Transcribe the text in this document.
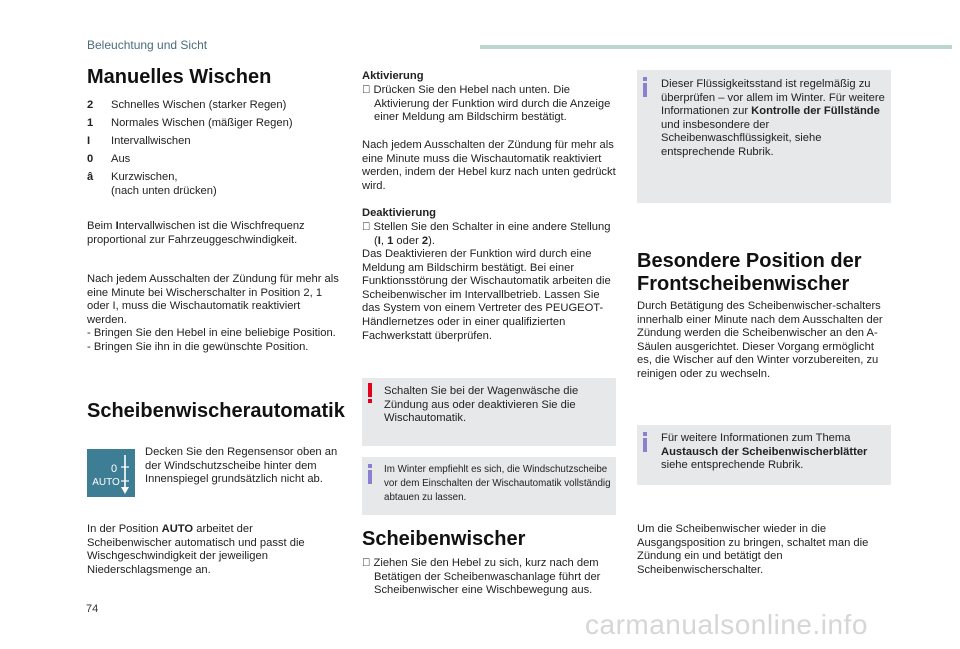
Beleuchtung und Sicht
Manuelles Wischen
2	Schnelles Wischen (starker Regen)
1	Normales Wischen (mäßiger Regen)
I	Intervallwischen
0	Aus
â	Kurzwischen,
(nach unten drücken)
Beim Intervallwischen ist die Wischfrequenz proportional zur Fahrzeuggeschwindigkeit.
Nach jedem Ausschalten der Zündung für mehr als eine Minute bei Wischerschalter in Position 2, 1 oder I, muss die Wischautomatik reaktiviert werden.
- Bringen Sie den Hebel in eine beliebige Position.
- Bringen Sie ihn in die gewünschte Position.
Scheibenwischerautomatik
0
AUTO
Decken Sie den Regensensor oben an der Windschutzscheibe hinter dem Innenspiegel grundsätzlich nicht ab.
In der Position AUTO arbeitet der Scheibenwischer automatisch und passt die Wischgeschwindigkeit der jeweiligen Niederschlagsmenge an.
Aktivierung
Drücken Sie den Hebel nach unten. Die Aktivierung der Funktion wird durch die Anzeige einer Meldung am Bildschirm bestätigt.
Nach jedem Ausschalten der Zündung für mehr als eine Minute muss die Wischautomatik reaktiviert werden, indem der Hebel kurz nach unten gedrückt wird.
Deaktivierung
Stellen Sie den Schalter in eine andere Stellung (I, 1 oder 2).
Das Deaktivieren der Funktion wird durch eine Meldung am Bildschirm bestätigt. Bei einer Funktionsstörung der Wischautomatik arbeiten die Scheibenwischer im Intervallbetrieb. Lassen Sie das System von einem Vertreter des PEUGEOT-Händlernetzes oder in einer qualifizierten Fachwerkstatt überprüfen.
Schalten Sie bei der Wagenwäsche die Zündung aus oder deaktivieren Sie die Wischautomatik.
Im Winter empfiehlt es sich, die Windschutzscheibe vor dem Einschalten der Wischautomatik vollständig abtauen zu lassen.
Scheibenwischer
Ziehen Sie den Hebel zu sich, kurz nach dem Betätigen der Scheibenwaschanlage führt der Scheibenwischer eine Wischbewegung aus.
Dieser Flüssigkeitsstand ist regelmäßig zu überprüfen – vor allem im Winter. Für weitere Informationen zur Kontrolle der Füllstände und insbesondere der Scheibenwaschflüssigkeit, siehe entsprechende Rubrik.
Besondere Position der
Frontscheibenwischer
Durch Betätigung des Scheibenwischer-schalters innerhalb einer Minute nach dem Ausschalten der Zündung werden die Scheibenwischer an den A-Säulen ausgerichtet. Dieser Vorgang ermöglicht es, die Wischer auf den Winter vorzubereiten, zu reinigen oder zu wechseln.
Für weitere Informationen zum Thema Austausch der Scheibenwischerblätter siehe entsprechende Rubrik.
Um die Scheibenwischer wieder in die Ausgangsposition zu bringen, schaltet man die Zündung ein und betätigt den Scheibenwischerschalter.
74	carmanualsonline.info
